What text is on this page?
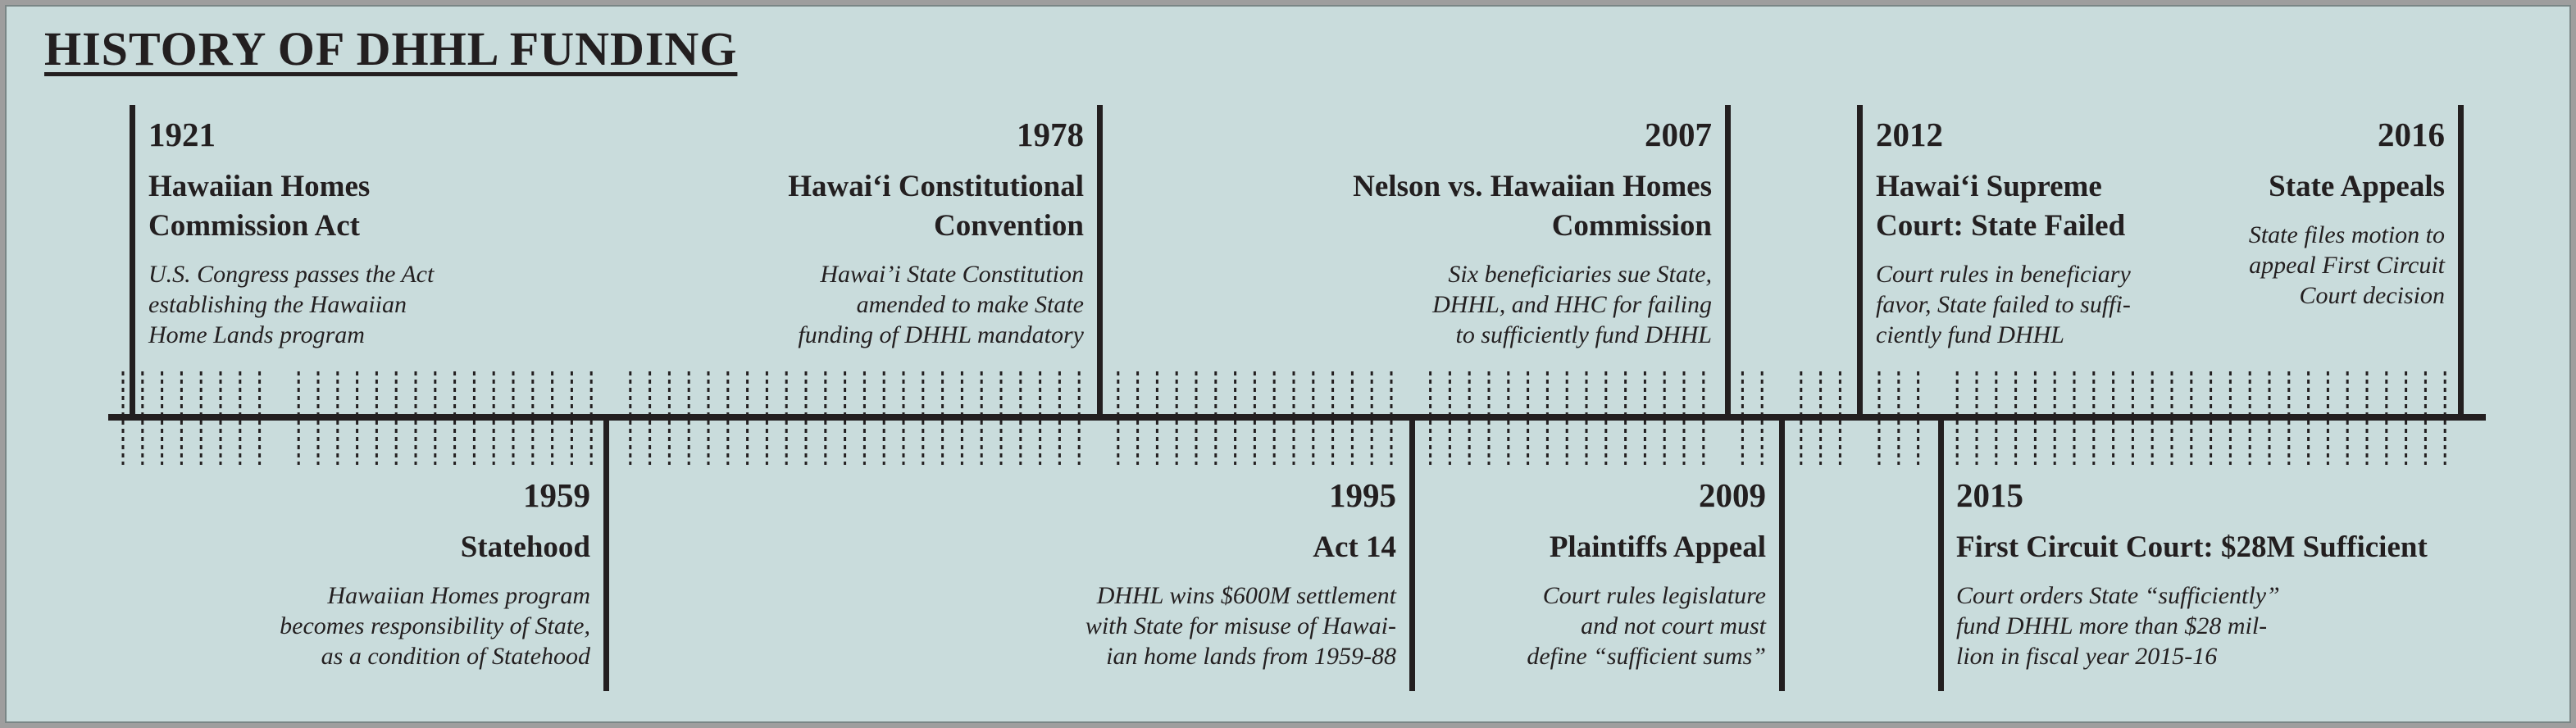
HISTORY OF DHHL FUNDING
1921
Hawaiian Homes
Commission Act
U.S. Congress passes the Act
establishing the Hawaiian
Home Lands program
1978
Hawai‘i Constitutional
Convention
Hawai’i State Constitution
amended to make State
funding of DHHL mandatory
2007
Nelson vs. Hawaiian Homes
Commission
Six beneficiaries sue State,
DHHL, and HHC for failing
to sufficiently fund DHHL
2012
Hawai‘i Supreme
Court: State Failed
Court rules in beneficiary
favor, State failed to suffi-
ciently fund DHHL
2016
State Appeals
State files motion to
appeal First Circuit
Court decision
1959
Statehood
Hawaiian Homes program
becomes responsibility of State,
as a condition of Statehood
1995
Act 14
DHHL wins $600M settlement
with State for misuse of Hawai-
ian home lands from 1959-88
2009
Plaintiffs Appeal
Court rules legislature
and not court must
define “sufficient sums”
2015
First Circuit Court: $28M Sufficient
Court orders State “sufficiently”
fund DHHL more than $28 mil-
lion in fiscal year 2015-16
